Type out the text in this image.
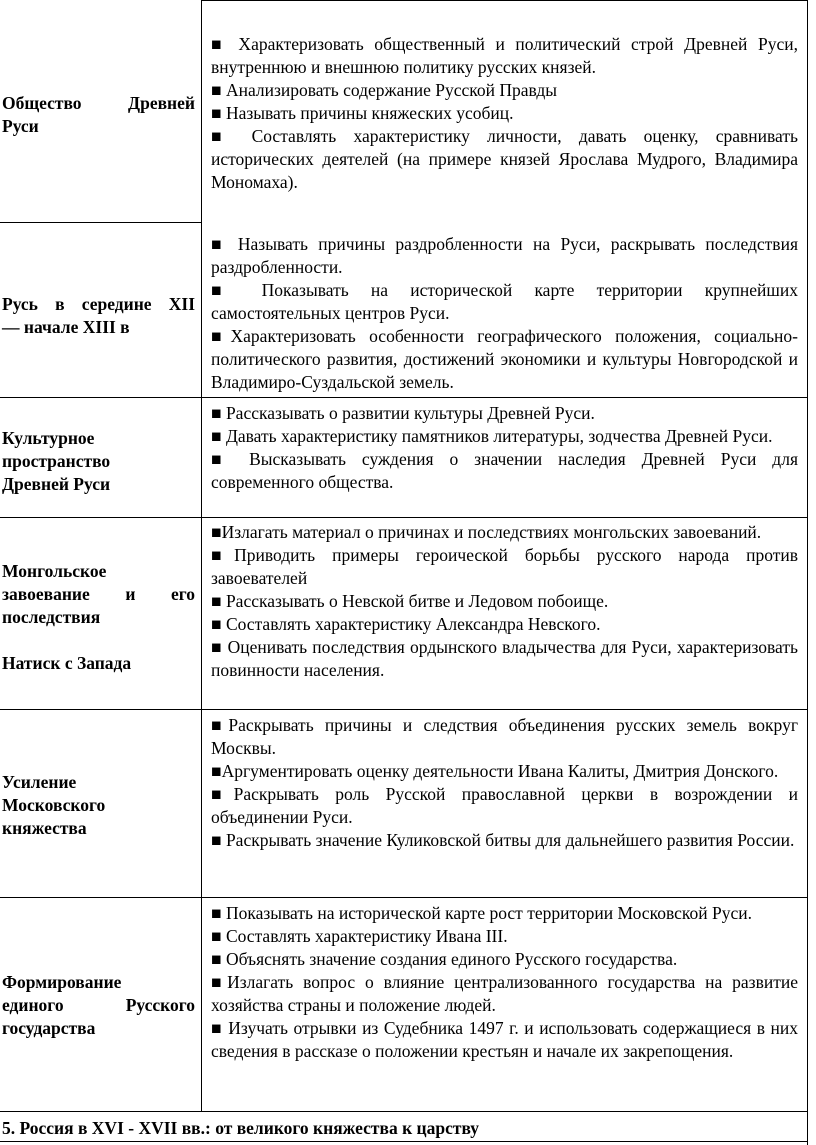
Общество Древней
Руси

■ Характеризовать общественный и политический строй Древней Руси, внутреннюю и внешнюю политику русских князей.

■ Анализировать содержание Русской Правды

■ Называть причины княжеских усобиц.

■ Составлять характеристику личности, давать оценку, сравнивать исторических деятелей (на примере князей Ярослава Мудрого, Владимира Мономаха).

Русь в середине XII
— начале XIII в

■ Называть причины раздробленности на Руси, раскрывать последствия раздробленности.

■ Показывать на исторической карте территории крупнейших самостоятельных центров Руси.

■Характеризовать особенности географического положения, социально-политического развития, достижений экономики и культуры Новгородской и Владимиро-Суздальской земель.

Культурное
пространство
Древней Руси

■ Рассказывать о развитии культуры Древней Руси.

■ Давать характеристику памятников литературы, зодчества Древней Руси.

■ Высказывать суждения о значении наследия Древней Руси для современного общества.

Монгольское
завоевание и его
последствия
Натиск с Запада

■Излагать материал о причинах и последствиях монгольских завоеваний.

■Приводить примеры героической борьбы русского народа против завоевателей

■ Рассказывать о Невской битве и Ледовом побоище.

■ Составлять характеристику Александра Невского.

■ Оценивать последствия ордынского владычества для Руси, характеризовать повинности населения.

Усиление
Московского
княжества

■Раскрывать причины и следствия объединения русских земель вокруг Москвы.

■Аргументировать оценку деятельности Ивана Калиты, Дмитрия Донского.

■Раскрывать роль Русской православной церкви в возрождении и объединении Руси.

■ Раскрывать значение Куликовской битвы для дальнейшего развития России.

Формирование
единого Русского
государства

■ Показывать на исторической карте рост территории Московской Руси.

■ Составлять характеристику Ивана III.

■ Объяснять значение создания единого Русского государства.

■Излагать вопрос о влияние централизованного государства на развитие хозяйства страны и положение людей.

■ Изучать отрывки из Судебника 1497 г. и использовать содержащиеся в них сведения в рассказе о положении крестьян и начале их закрепощения.

5. Россия в XVI - XVII вв.: от великого княжества к царству
